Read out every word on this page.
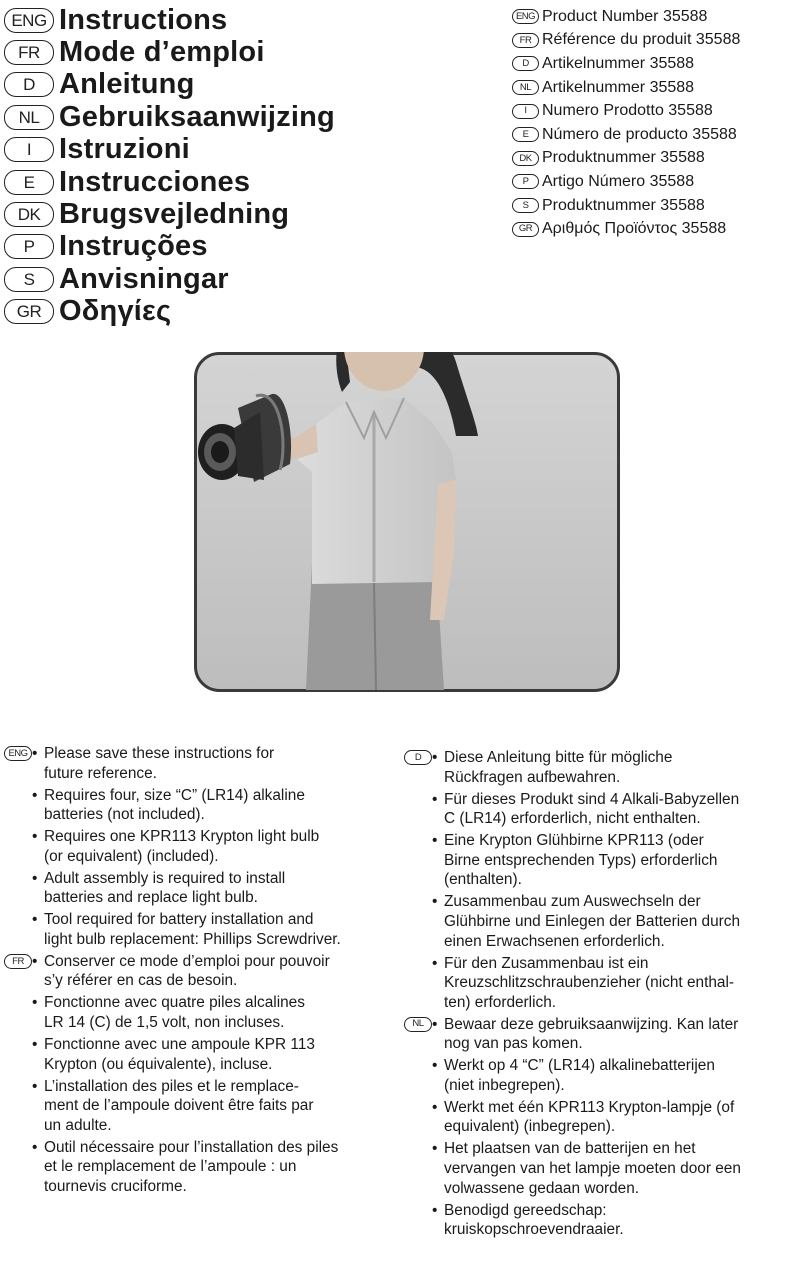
ENG Instructions
FR Mode d’emploi
D Anleitung
NL Gebruiksaanwijzing
I Istruzioni
E Instrucciones
DK Brugsvejledning
P Instruções
S Anvisningar
GR Οδηγίες
ENG Product Number 35588
FR Référence du produit 35588
D Artikelnummer 35588
NL Artikelnummer 35588
I Numero Prodotto 35588
E Número de producto 35588
DK Produktnummer 35588
P Artigo Número 35588
S Produktnummer 35588
GR Αριθμός Προϊόντος 35588
ENG • Please save these instructions for
future reference.
• Requires four, size “C” (LR14) alkaline
batteries (not included).
• Requires one KPR113 Krypton light bulb
(or equivalent) (included).
• Adult assembly is required to install
batteries and replace light bulb.
• Tool required for battery installation and
light bulb replacement: Phillips Screwdriver.
FR	• Conserver ce mode d’emploi pour pouvoir
s’y référer en cas de besoin.
• Fonctionne avec quatre piles alcalines
LR 14 (C) de 1,5 volt, non incluses.
• Fonctionne avec une ampoule KPR 113
Krypton (ou équivalente), incluse.
• L’installation des piles et le remplace-
ment de l’ampoule doivent être faits par
un adulte.
• Outil nécessaire pour l’installation des piles
et le remplacement de l’ampoule : un
tournevis cruciforme.
D	• Diese Anleitung bitte für mögliche
Rückfragen aufbewahren.
• Für dieses Produkt sind 4 Alkali-Babyzellen
C (LR14) erforderlich, nicht enthalten.
• Eine Krypton Glühbirne KPR113 (oder
Birne entsprechenden Typs) erforderlich
(enthalten).
• Zusammenbau zum Auswechseln der
Glühbirne und Einlegen der Batterien durch
einen Erwachsenen erforderlich.
• Für den Zusammenbau ist ein
Kreuzschlitzschraubenzieher (nicht enthal-
ten) erforderlich.
NL	• Bewaar deze gebruiksaanwijzing. Kan later
nog van pas komen.
• Werkt op 4 “C” (LR14) alkalinebatterijen
(niet inbegrepen).
• Werkt met één KPR113 Krypton-lampje (of
equivalent) (inbegrepen).
• Het plaatsen van de batterijen en het
vervangen van het lampje moeten door een
volwassene gedaan worden.
• Benodigd gereedschap:
kruiskopschroevendraaier.
